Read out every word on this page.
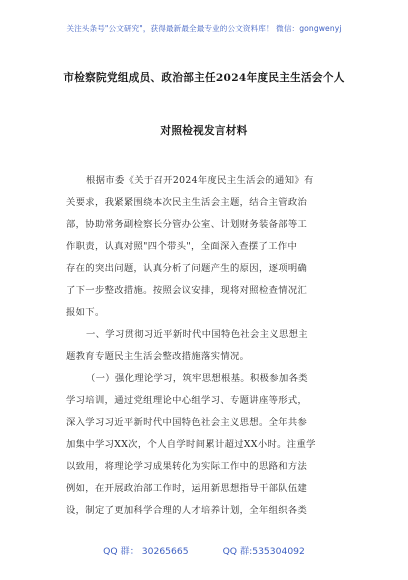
关注头条号"公文研究"，获得最新最全最专业的公文资料库！ 微信：gongwenyj
市检察院党组成员、政治部主任2024年度民主生活会个人
对照检视发言材料
根据市委《关于召开2024年度民主生活会的通知》有
关要求，我紧紧围绕本次民主生活会主题，结合主管政治
部，协助常务副检察长分管办公室、计划财务装备部等工
作职责，认真对照"四个带头"，全面深入查摆了工作中
存在的突出问题，认真分析了问题产生的原因，逐项明确
了下一步整改措施。按照会议安排，现将对照检查情况汇
报如下。
一、学习贯彻习近平新时代中国特色社会主义思想主
题教育专题民主生活会整改措施落实情况。
（一）强化理论学习，筑牢思想根基。积极参加各类
学习培训，通过党组理论中心组学习、专题讲座等形式，
深入学习习近平新时代中国特色社会主义思想。全年共参
加集中学习XX次，个人自学时间累计超过XX小时。注重学
以致用，将理论学习成果转化为实际工作中的思路和方法
例如，在开展政治部工作时，运用新思想指导干部队伍建
设，制定了更加科学合理的人才培养计划，全年组织各类
QQ 群： 30265665	QQ 群:535304092
